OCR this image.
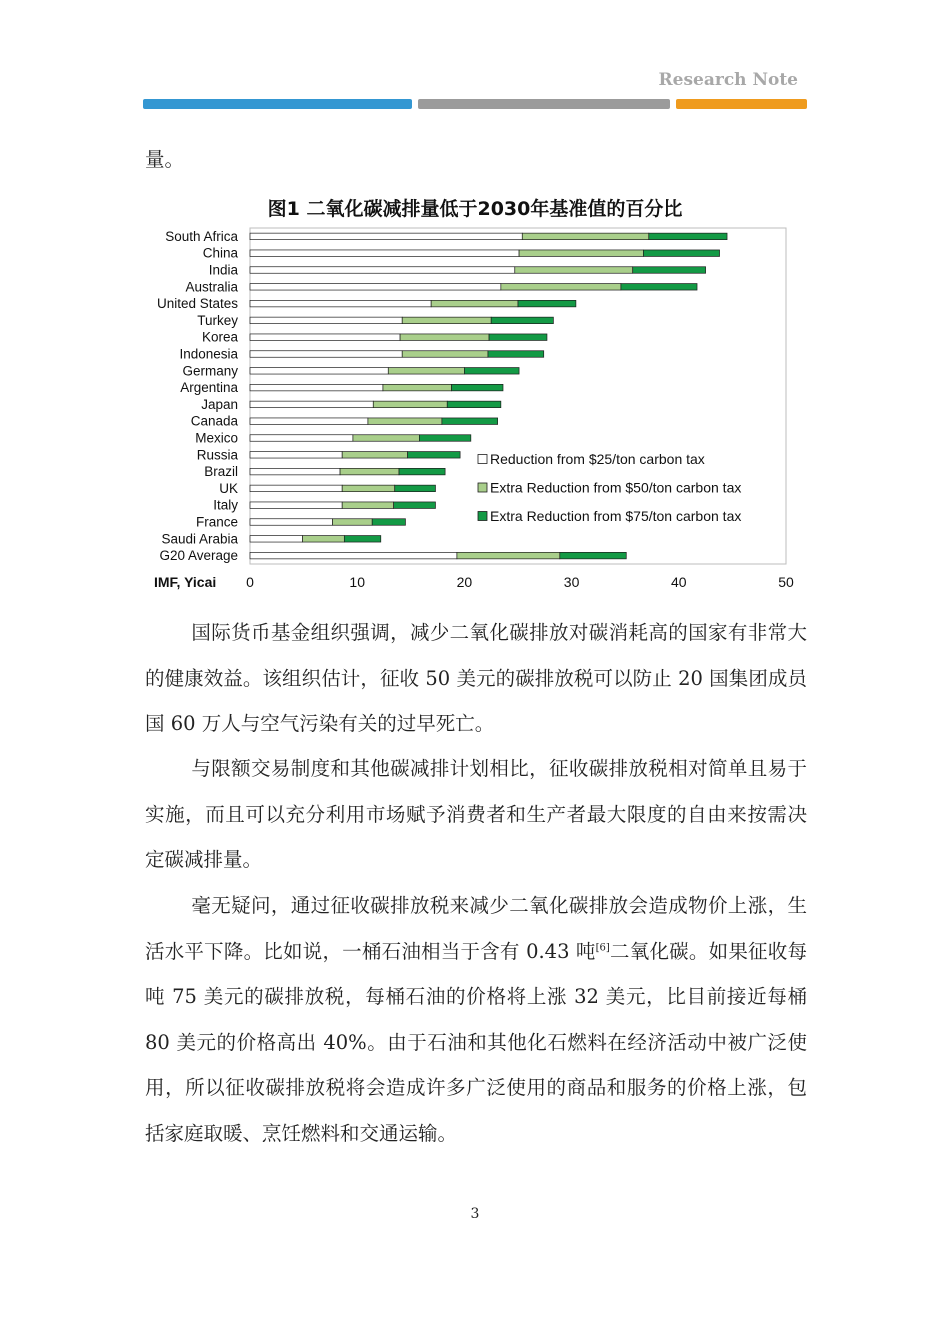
Research Note
量。
图1 二氧化碳减排量低于2030年基准值的百分比
South Africa
China
India
Australia
United States
Turkey
Korea
Indonesia
Germany
Argentina
Japan
Canada
Mexico
Russia
Brazil
UK
Italy
France
Saudi Arabia
G20 Average
0	10	20	30	40	50
Reduction from $25/ton carbon tax
Extra Reduction from $50/ton carbon tax
Extra Reduction from $75/ton carbon tax
IMF, Yicai
国际货币基金组织强调，减少二氧化碳排放对碳消耗高的国家有非常大的健康效益。该组织估计，征收 50 美元的碳排放税可以防止 20 国集团成员国 60 万人与空气污染有关的过早死亡。
与限额交易制度和其他碳减排计划相比，征收碳排放税相对简单且易于实施，而且可以充分利用市场赋予消费者和生产者最大限度的自由来按需决定碳减排量。
毫无疑问，通过征收碳排放税来减少二氧化碳排放会造成物价上涨，生活水平下降。比如说，一桶石油相当于含有 0.43 吨[6]二氧化碳。如果征收每吨 75 美元的碳排放税，每桶石油的价格将上涨 32 美元，比目前接近每桶 80 美元的价格高出 40%。由于石油和其他化石燃料在经济活动中被广泛使用，所以征收碳排放税将会造成许多广泛使用的商品和服务的价格上涨，包括家庭取暖、烹饪燃料和交通运输。
3
